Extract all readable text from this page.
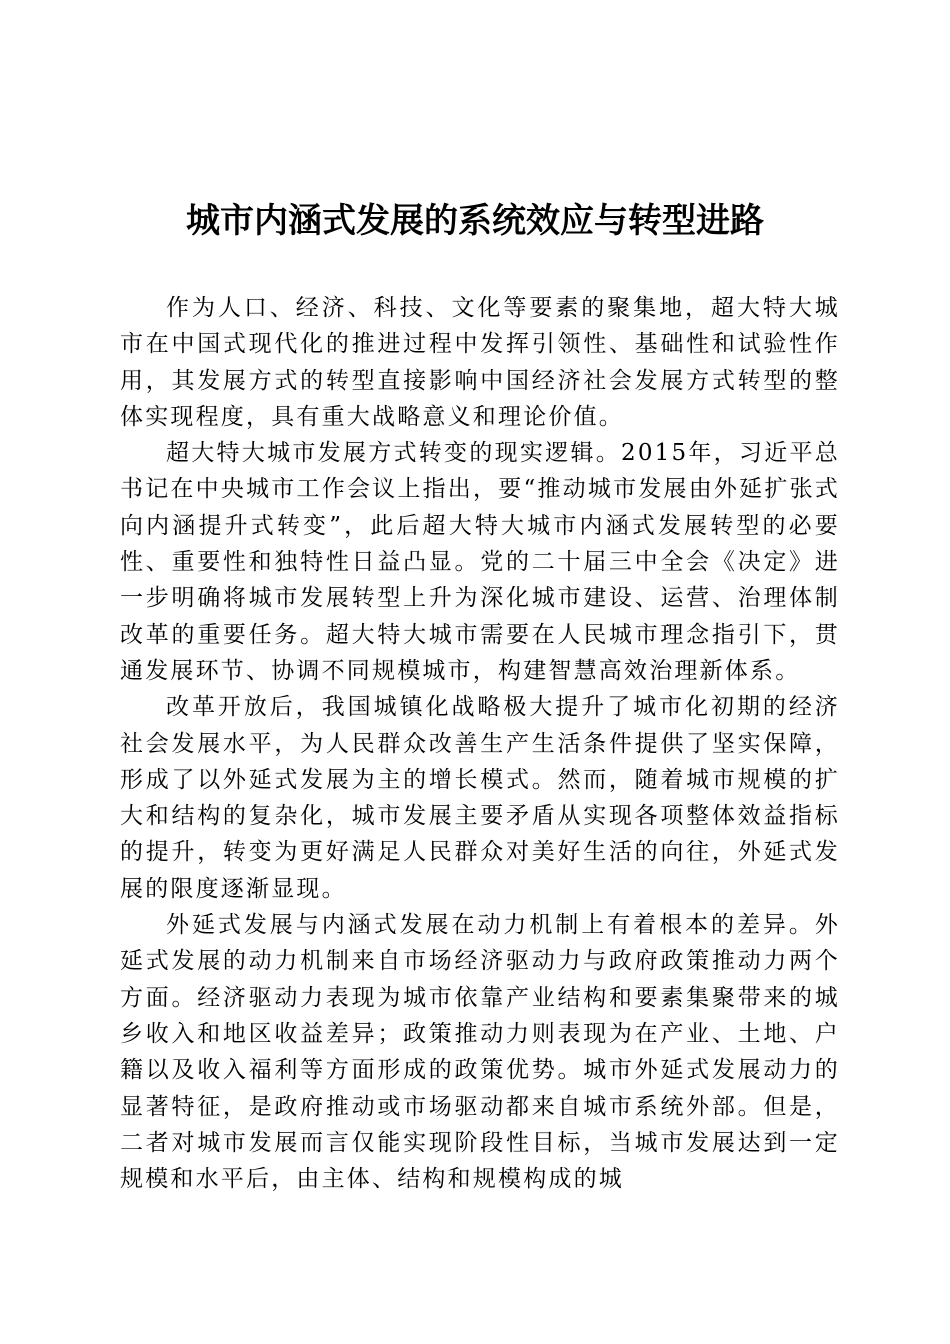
城市内涵式发展的系统效应与转型进路

作为人口、经济、科技、文化等要素的聚集地，超大特大城市在中国式现代化的推进过程中发挥引领性、基础性和试验性作用，其发展方式的转型直接影响中国经济社会发展方式转型的整体实现程度，具有重大战略意义和理论价值。

超大特大城市发展方式转变的现实逻辑。2015年，习近平总书记在中央城市工作会议上指出，要“推动城市发展由外延扩张式向内涵提升式转变”，此后超大特大城市内涵式发展转型的必要性、重要性和独特性日益凸显。党的二十届三中全会《决定》进一步明确将城市发展转型上升为深化城市建设、运营、治理体制改革的重要任务。超大特大城市需要在人民城市理念指引下，贯通发展环节、协调不同规模城市，构建智慧高效治理新体系。

改革开放后，我国城镇化战略极大提升了城市化初期的经济社会发展水平，为人民群众改善生产生活条件提供了坚实保障，形成了以外延式发展为主的增长模式。然而，随着城市规模的扩大和结构的复杂化，城市发展主要矛盾从实现各项整体效益指标的提升，转变为更好满足人民群众对美好生活的向往，外延式发展的限度逐渐显现。

外延式发展与内涵式发展在动力机制上有着根本的差异。外延式发展的动力机制来自市场经济驱动力与政府政策推动力两个方面。经济驱动力表现为城市依靠产业结构和要素集聚带来的城乡收入和地区收益差异；政策推动力则表现为在产业、土地、户籍以及收入福利等方面形成的政策优势。城市外延式发展动力的显著特征，是政府推动或市场驱动都来自城市系统外部。但是，二者对城市发展而言仅能实现阶段性目标，当城市发展达到一定规模和水平后，由主体、结构和规模构成的城
